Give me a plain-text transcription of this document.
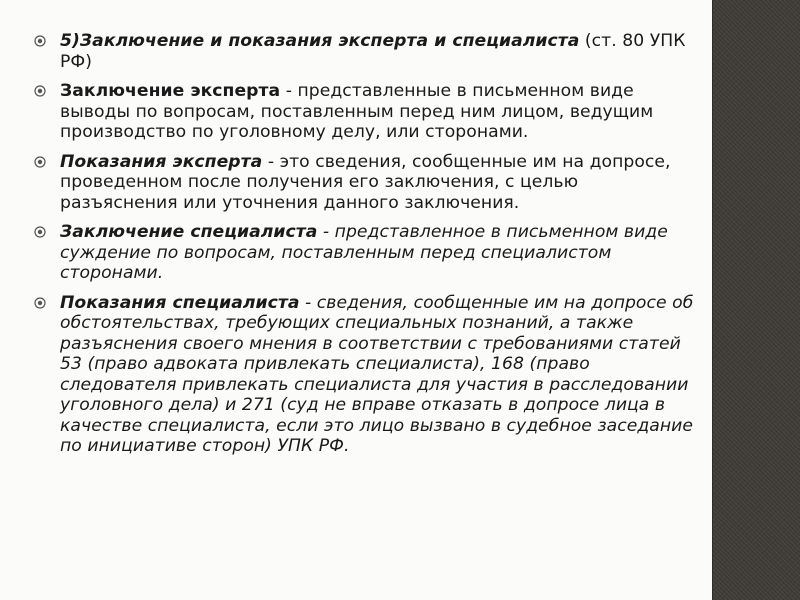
5)Заключение и показания эксперта и специалиста (ст. 80 УПК РФ)
Заключение эксперта - представленные в письменном виде выводы по вопросам, поставленным перед ним лицом, ведущим производство по уголовному делу, или сторонами.
Показания эксперта - это сведения, сообщенные им на допросе, проведенном после получения его заключения, с целью разъяснения или уточнения данного заключения.
Заключение специалиста - представленное в письменном виде суждение по вопросам, поставленным перед специалистом сторонами.
Показания специалиста - сведения, сообщенные им на допросе об обстоятельствах, требующих специальных познаний, а также разъяснения своего мнения в соответствии с требованиями статей 53 (право адвоката привлекать специалиста), 168 (право следователя привлекать специалиста для участия в расследовании уголовного дела) и 271 (суд не вправе отказать в допросе лица в качестве специалиста, если это лицо вызвано в судебное заседание по инициативе сторон) УПК РФ.
